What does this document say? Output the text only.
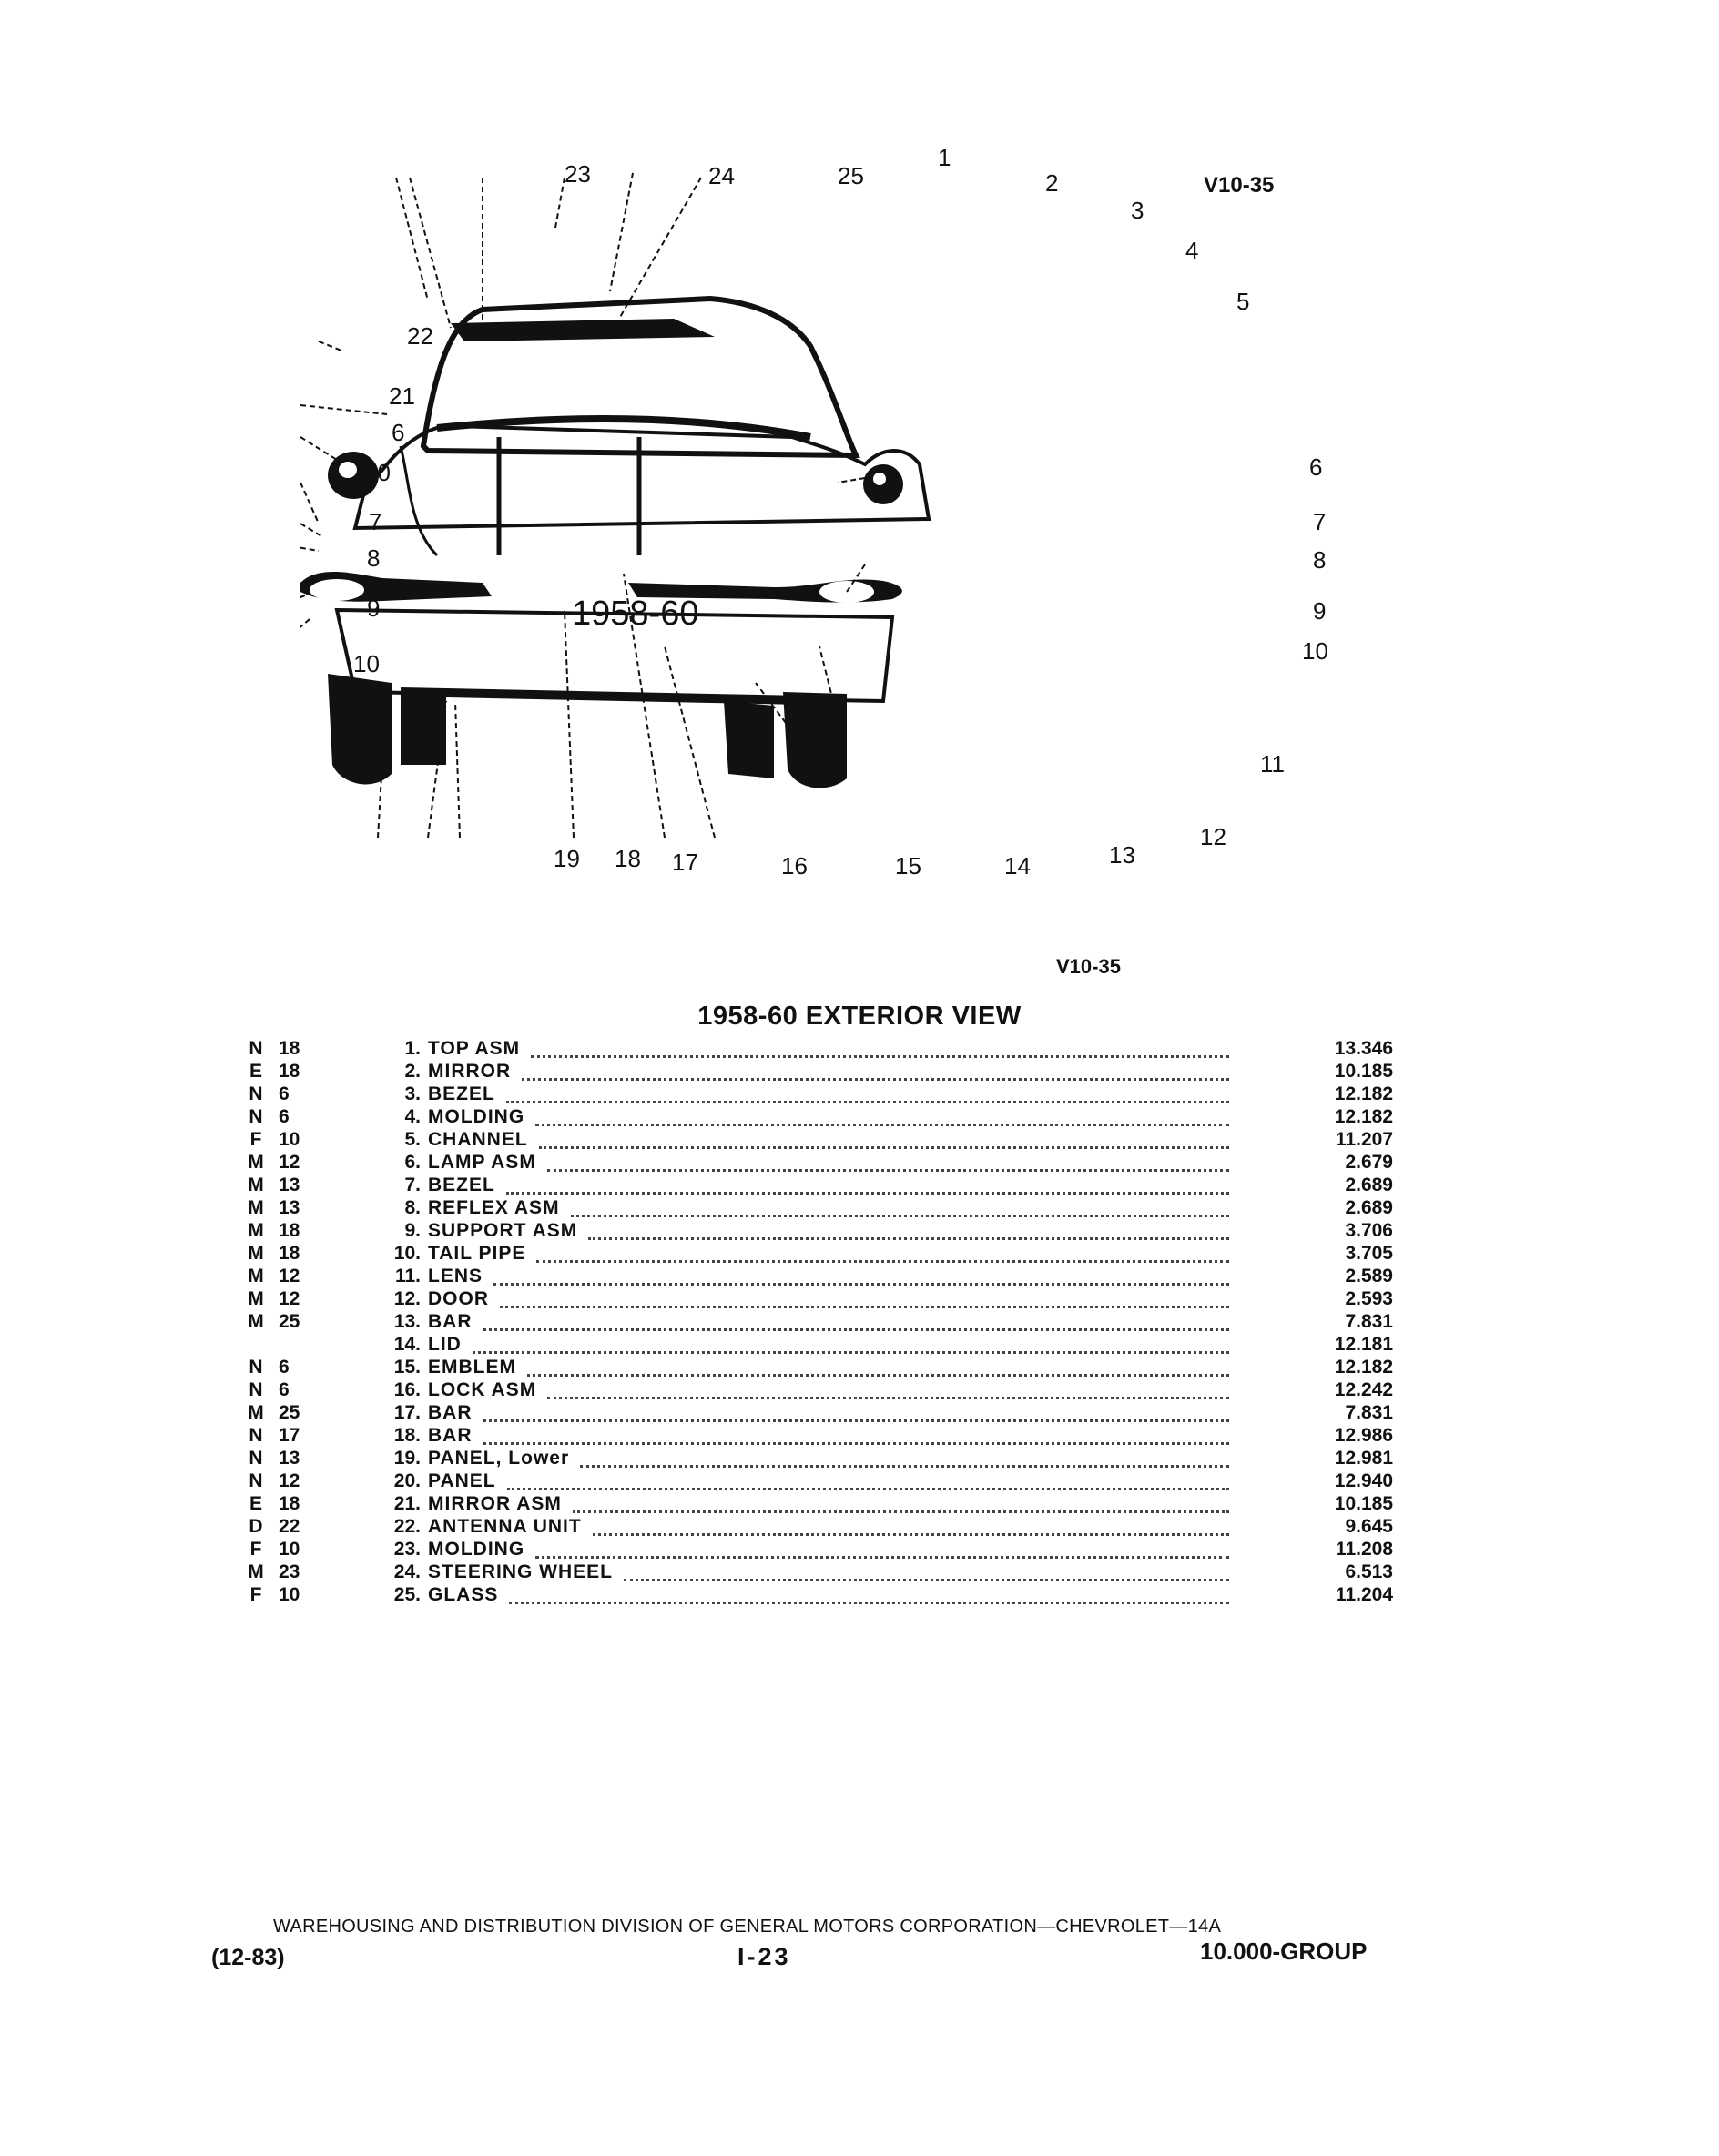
1958-60
V10-35
1
2
3
4
5
6
7
8
9
10
11
12
13
14
15
16
17
18
19
20
21
22
23	24	25
6
7
8
9
10
V10-35
1958-60 EXTERIOR VIEW
N 18	1. TOP ASM	13.346
E 18	2. MIRROR	10.185
N 6	3. BEZEL	12.182
N 6	4. MOLDING	12.182
F 10	5. CHANNEL	11.207
M 12	6. LAMP ASM	2.679
M 13	7. BEZEL	2.689
M 13	8. REFLEX ASM	2.689
M 18	9. SUPPORT ASM	3.706
M 18	10. TAIL PIPE	3.705
M 12	11. LENS	2.589
M 12	12. DOOR	2.593
M 25	13. BAR	7.831
14. LID	12.181
N 6	15. EMBLEM	12.182
N 6	16. LOCK ASM	12.242
M 25	17. BAR	7.831
N 17	18. BAR	12.986
N 13	19. PANEL, Lower	12.981
N 12	20. PANEL	12.940
E 18	21. MIRROR ASM	10.185
D 22	22. ANTENNA UNIT	9.645
F 10	23. MOLDING	11.208
M 23	24. STEERING WHEEL	6.513
F 10	25. GLASS	11.204
WAREHOUSING AND DISTRIBUTION DIVISION OF GENERAL MOTORS CORPORATION—CHEVROLET—14A
(12-83)	I-23	10.000-GROUP
